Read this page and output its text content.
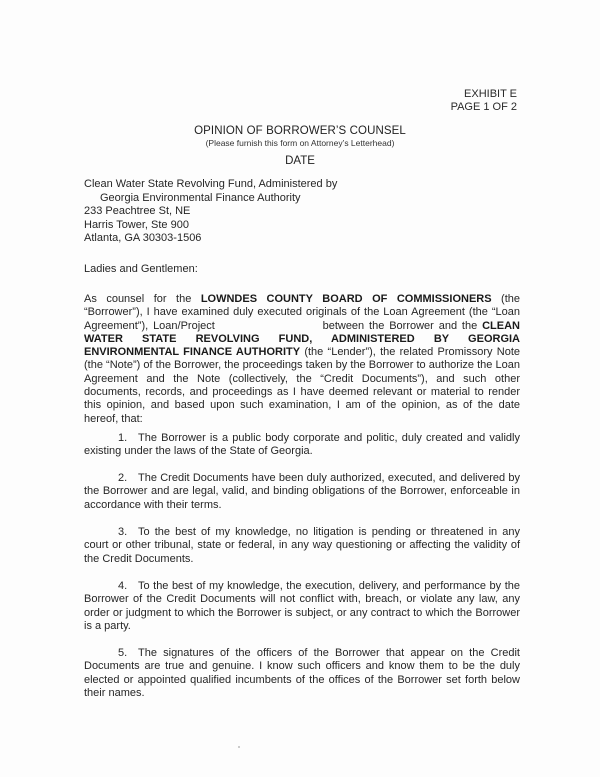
EXHIBIT E
PAGE 1 OF 2
OPINION OF BORROWER’S COUNSEL
(Please furnish this form on Attorney’s Letterhead)
DATE
Clean Water State Revolving Fund, Administered by
Georgia Environmental Finance Authority
233 Peachtree St, NE
Harris Tower, Ste 900
Atlanta, GA 30303-1506
Ladies and Gentlemen:
As counsel for the LOWNDES COUNTY BOARD OF COMMISSIONERS (the “Borrower”), I have examined duly executed originals of the Loan Agreement (the “Loan Agreement”), Loan/Project	between the Borrower and the CLEAN WATER STATE REVOLVING FUND, ADMINISTERED BY GEORGIA ENVIRONMENTAL FINANCE AUTHORITY (the “Lender”), the related Promissory Note (the “Note”) of the Borrower, the proceedings taken by the Borrower to authorize the Loan Agreement and the Note (collectively, the “Credit Documents”), and such other documents, records, and proceedings as I have deemed relevant or material to render this opinion, and based upon such examination, I am of the opinion, as of the date hereof, that:
1. The Borrower is a public body corporate and politic, duly created and validly existing under the laws of the State of Georgia.
2. The Credit Documents have been duly authorized, executed, and delivered by the Borrower and are legal, valid, and binding obligations of the Borrower, enforceable in accordance with their terms.
3. To the best of my knowledge, no litigation is pending or threatened in any court or other tribunal, state or federal, in any way questioning or affecting the validity of the Credit Documents.
4. To the best of my knowledge, the execution, delivery, and performance by the Borrower of the Credit Documents will not conflict with, breach, or violate any law, any order or judgment to which the Borrower is subject, or any contract to which the Borrower is a party.
5. The signatures of the officers of the Borrower that appear on the Credit Documents are true and genuine. I know such officers and know them to be the duly elected or appointed qualified incumbents of the offices of the Borrower set forth below their names.
